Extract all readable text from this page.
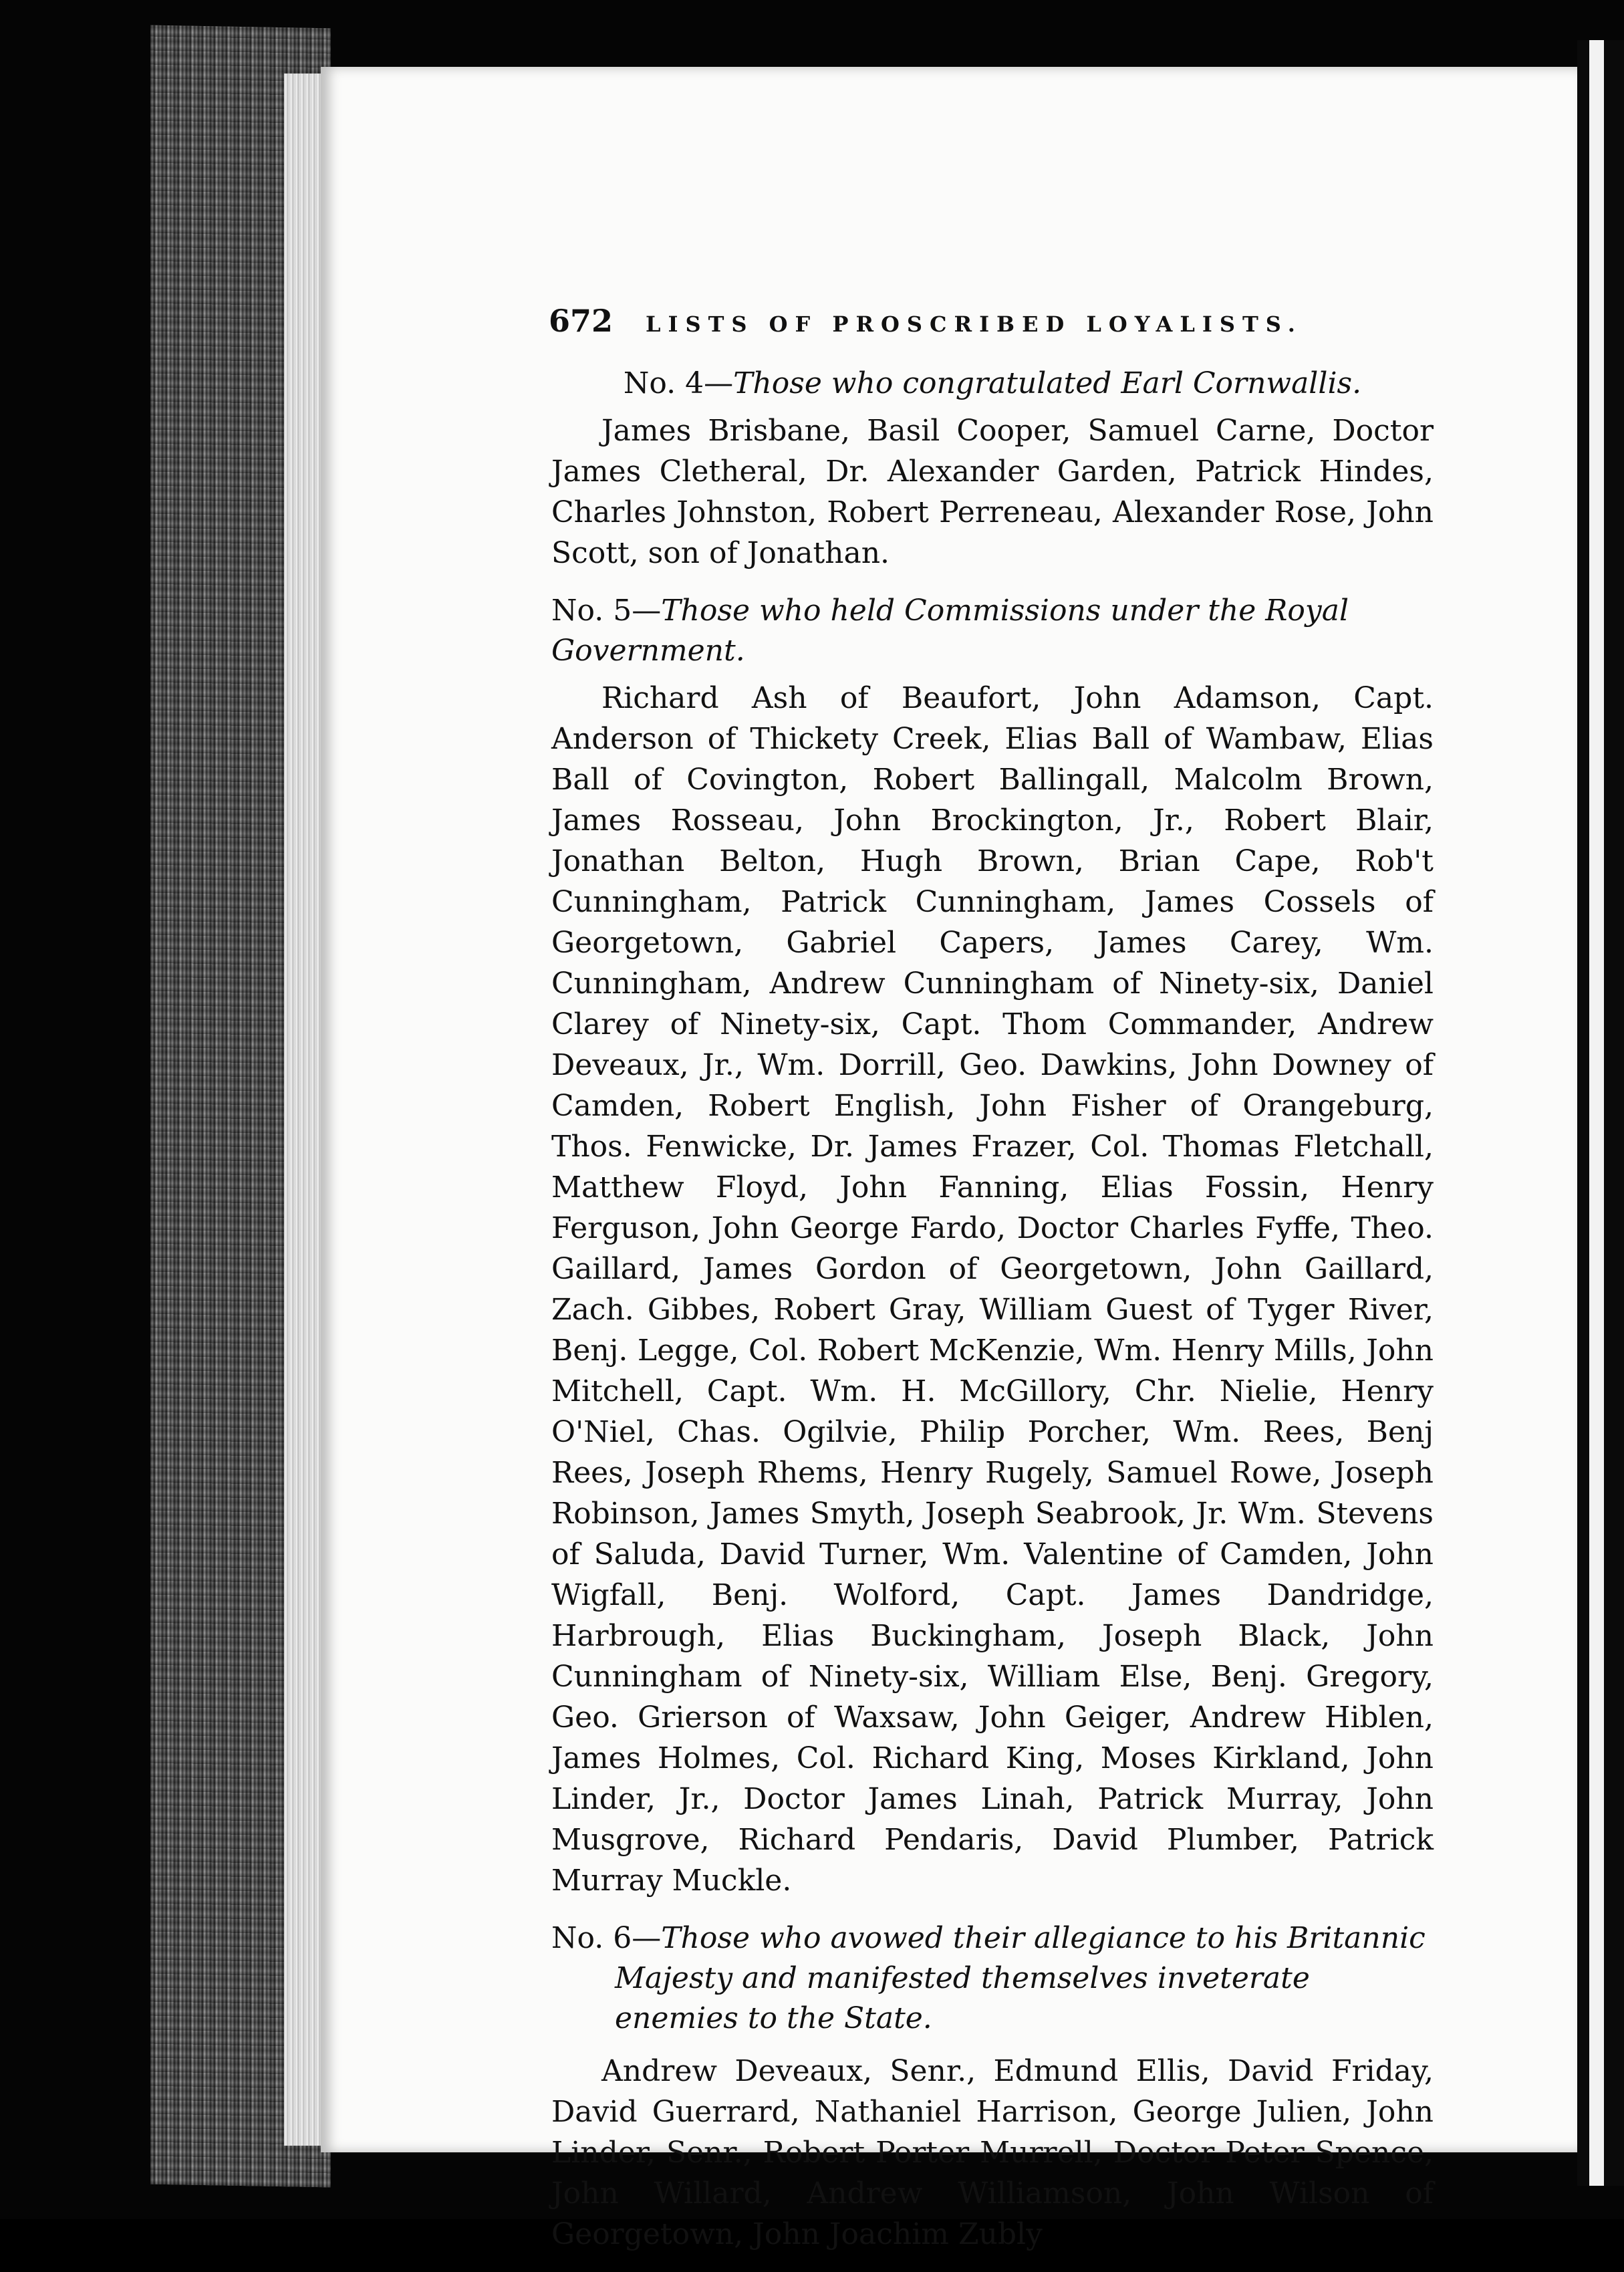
672	LISTS OF PROSCRIBED LOYALISTS.
No. 4—Those who congratulated Earl Cornwallis.

James Brisbane, Basil Cooper, Samuel Carne, Doctor James Cletheral, Dr. Alexander Garden, Patrick Hindes, Charles Johnston, Robert Perreneau, Alexander Rose, John Scott, son of Jonathan.

No. 5—Those who held Commissions under the Royal Government.

Richard Ash of Beaufort, John Adamson, Capt. Anderson of Thickety Creek, Elias Ball of Wambaw, Elias Ball of Covington, Robert Ballingall, Malcolm Brown, James Rosseau, John Brockington, Jr., Robert Blair, Jonathan Belton, Hugh Brown, Brian Cape, Rob't Cunningham, Patrick Cunningham, James Cossels of Georgetown, Gabriel Capers, James Carey, Wm. Cunningham, Andrew Cunningham of Ninety-six, Daniel Clarey of Ninety-six, Capt. Thom Commander, Andrew Deveaux, Jr., Wm. Dorrill, Geo. Dawkins, John Downey of Camden, Robert English, John Fisher of Orangeburg, Thos. Fenwicke, Dr. James Frazer, Col. Thomas Fletchall, Matthew Floyd, John Fanning, Elias Fossin, Henry Ferguson, John George Fardo, Doctor Charles Fyffe, Theo. Gaillard, James Gordon of Georgetown, John Gaillard, Zach. Gibbes, Robert Gray, William Guest of Tyger River, Benj. Legge, Col. Robert McKenzie, Wm. Henry Mills, John Mitchell, Capt. Wm. H. McGillory, Chr. Nielie, Henry O'Niel, Chas. Ogilvie, Philip Porcher, Wm. Rees, Benj Rees, Joseph Rhems, Henry Rugely, Samuel Rowe, Joseph Robinson, James Smyth, Joseph Seabrook, Jr. Wm. Stevens of Saluda, David Turner, Wm. Valentine of Camden, John Wigfall, Benj. Wolford, Capt. James Dandridge, Harbrough, Elias Buckingham, Joseph Black, John Cunningham of Ninety-six, William Else, Benj. Gregory, Geo. Grierson of Waxsaw, John Geiger, Andrew Hiblen, James Holmes, Col. Richard King, Moses Kirkland, John Linder, Jr., Doctor James Linah, Patrick Murray, John Musgrove, Richard Pendaris, David Plumber, Patrick Murray Muckle.

No. 6—Those who avowed their allegiance to his Britannic Majesty and manifested themselves inveterate enemies to the State.

Andrew Deveaux, Senr., Edmund Ellis, David Friday, David Guerrard, Nathaniel Harrison, George Julien, John Linder, Senr., Robert Porter Murrell, Doctor Peter Spence, John Willard, Andrew Williamson, John Wilson of Georgetown, John Joachim Zubly
